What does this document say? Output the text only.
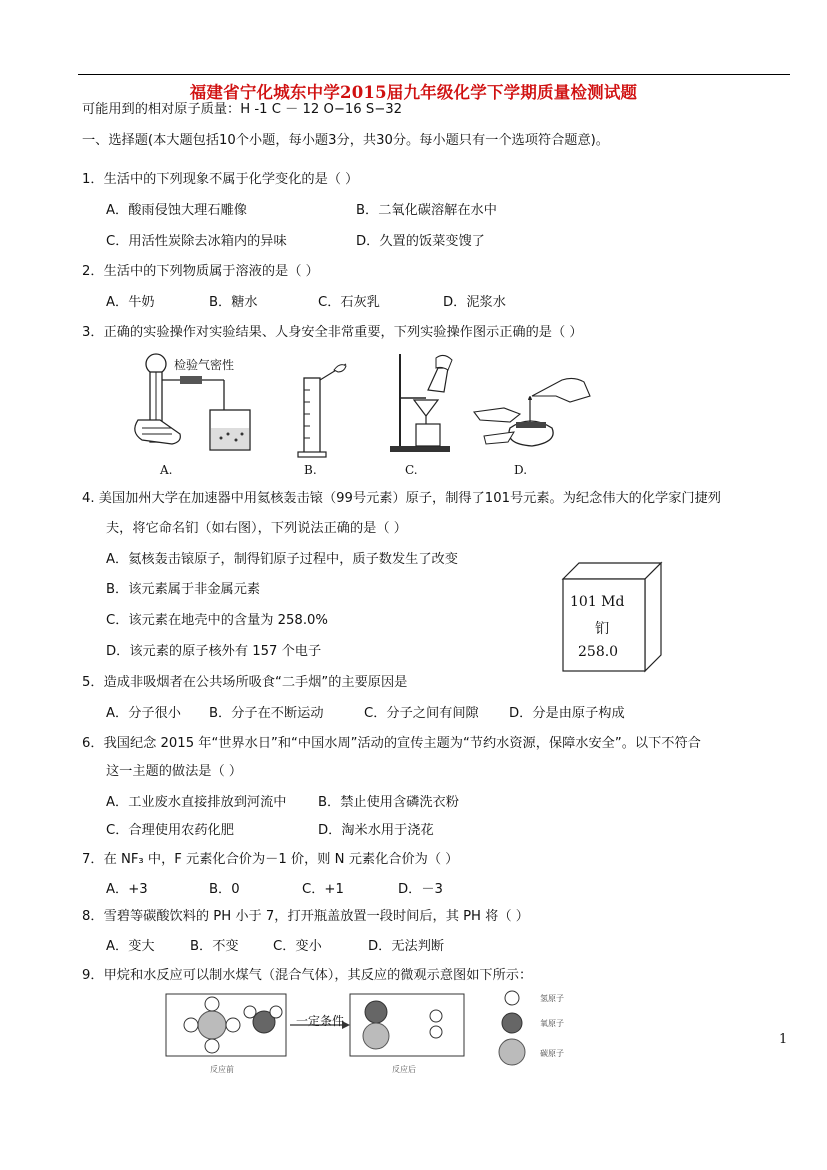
福建省宁化城东中学2015届九年级化学下学期质量检测试题
可能用到的相对原子质量：H -1 C － 12 O−16 S−32
一、选择题(本大题包括10个小题，每小题3分，共30分。每小题只有一个选项符合题意)。
1．生活中的下列现象不属于化学变化的是（ ）
A．酸雨侵蚀大理石雕像	B．二氧化碳溶解在水中
C．用活性炭除去冰箱内的异味	D．久置的饭菜变馊了
2．生活中的下列物质属于溶液的是（ ）
A．牛奶	B．糖水	C．石灰乳	D．泥浆水
3．正确的实验操作对实验结果、人身安全非常重要，下列实验操作图示正确的是（ ）
检验气密性
A.	B.	C.	D.
4. 美国加州大学在加速器中用氦核轰击锿（99号元素）原子，制得了101号元素。为纪念伟大的化学家门捷列
夫，将它命名钔（如右图），下列说法正确的是（ ）
A．氦核轰击锿原子，制得钔原子过程中，质子数发生了改变
B．该元素属于非金属元素
C．该元素在地壳中的含量为 258.0%
D．该元素的原子核外有 157 个电子
101 Md
钔
258.0
5．造成非吸烟者在公共场所吸食“二手烟”的主要原因是
A．分子很小 B．分子在不断运动	C．分子之间有间隙 D．分是由原子构成
6．我国纪念 2015 年“世界水日”和“中国水周”活动的宣传主题为“节约水资源，保障水安全”。以下不符合
这一主题的做法是（ ）
A．工业废水直接排放到河流中 B．禁止使用含磷洗衣粉
C．合理使用农药化肥	D．淘米水用于浇花
7．在 NF₃ 中，F 元素化合价为－1 价，则 N 元素化合价为（ ）
A．+3	B．0	C．+1	D．－3
8．雪碧等碳酸饮料的 PH 小于 7，打开瓶盖放置一段时间后，其 PH 将（ ）
A．变大	B．不变	C．变小	D．无法判断
9．甲烷和水反应可以制水煤气（混合气体），其反应的微观示意图如下所示：
一定条件
反应前	反应后
氢原子
氧原子
碳原子
1
